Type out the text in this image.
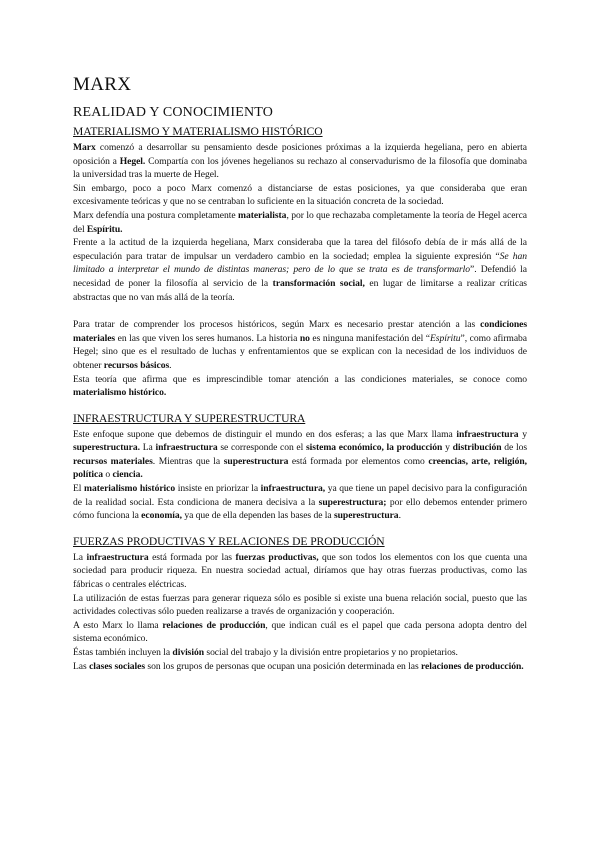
MARX
REALIDAD Y CONOCIMIENTO
MATERIALISMO Y MATERIALISMO HISTÓRICO

Marx comenzó a desarrollar su pensamiento desde posiciones próximas a la izquierda hegeliana, pero en abierta oposición a Hegel. Compartía con los jóvenes hegelianos su rechazo al conservadurismo de la filosofía que dominaba la universidad tras la muerte de Hegel.

Sin embargo, poco a poco Marx comenzó a distanciarse de estas posiciones, ya que consideraba que eran excesivamente teóricas y que no se centraban lo suficiente en la situación concreta de la sociedad.

Marx defendía una postura completamente materialista, por lo que rechazaba completamente la teoría de Hegel acerca del Espíritu.

Frente a la actitud de la izquierda hegeliana, Marx consideraba que la tarea del filósofo debía de ir más allá de la especulación para tratar de impulsar un verdadero cambio en la sociedad; emplea la siguiente expresión “Se han limitado a interpretar el mundo de distintas maneras; pero de lo que se trata es de transformarlo”. Defendió la necesidad de poner la filosofía al servicio de la transformación social, en lugar de limitarse a realizar críticas abstractas que no van más allá de la teoría.

Para tratar de comprender los procesos históricos, según Marx es necesario prestar atención a las condiciones materiales en las que viven los seres humanos. La historia no es ninguna manifestación del “Espíritu”, como afirmaba Hegel; sino que es el resultado de luchas y enfrentamientos que se explican con la necesidad de los individuos de obtener recursos básicos.

Esta teoría que afirma que es imprescindible tomar atención a las condiciones materiales, se conoce como materialismo histórico.

INFRAESTRUCTURA Y SUPERESTRUCTURA

Este enfoque supone que debemos de distinguir el mundo en dos esferas; a las que Marx llama infraestructura y superestructura. La infraestructura se corresponde con el sistema económico, la producción y distribución de los recursos materiales. Mientras que la superestructura está formada por elementos como creencias, arte, religión, política o ciencia.

El materialismo histórico insiste en priorizar la infraestructura, ya que tiene un papel decisivo para la configuración de la realidad social. Esta condiciona de manera decisiva a la superestructura; por ello debemos entender primero cómo funciona la economía, ya que de ella dependen las bases de la superestructura.

FUERZAS PRODUCTIVAS Y RELACIONES DE PRODUCCIÓN

La infraestructura está formada por las fuerzas productivas, que son todos los elementos con los que cuenta una sociedad para producir riqueza. En nuestra sociedad actual, diríamos que hay otras fuerzas productivas, como las fábricas o centrales eléctricas.

La utilización de estas fuerzas para generar riqueza sólo es posible si existe una buena relación social, puesto que las actividades colectivas sólo pueden realizarse a través de organización y cooperación.

A esto Marx lo llama relaciones de producción, que indican cuál es el papel que cada persona adopta dentro del sistema económico.

Éstas también incluyen la división social del trabajo y la división entre propietarios y no propietarios.

Las clases sociales son los grupos de personas que ocupan una posición determinada en las relaciones de producción.
